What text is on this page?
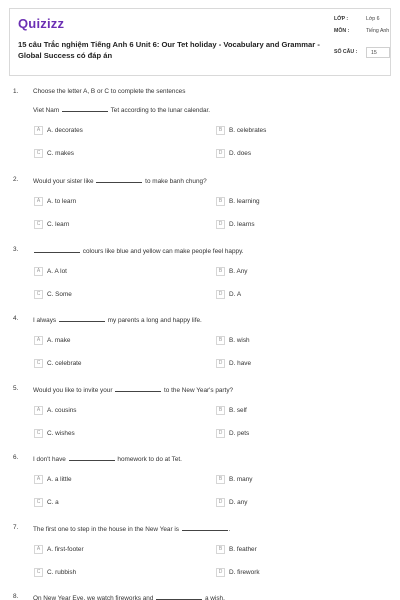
Quizizz
15 câu Trắc nghiệm Tiếng Anh 6 Unit 6: Our Tet holiday - Vocabulary and Grammar - Global Success có đáp án
LỚP :	Lớp 6
MÔN :	Tiếng Anh
SỐ CÂU :	15
1. Choose the letter A, B or C to complete the sentences
Viet Nam	Tet according to the lunar calendar.
A A. decorates	B B. celebrates
C C. makes	D D. does
2. Would your sister like	to make banh chung?
A A. to learn	B B. learning
C C. learn	D D. learns
3.	colours like blue and yellow can make people feel happy.
A A. A lot	B B. Any
C C. Some	D D. A
4. I always	my parents a long and happy life.
A A. make	B B. wish
C C. celebrate	D D. have
5. Would you like to invite your	to the New Year's party?
A A. cousins	B B. self
C C. wishes	D D. pets
6. I don't have	homework to do at Tet.
A A. a little	B B. many
C C. a	D D. any
7. The first one to step in the house in the New Year is	.
A A. first-footer	B B. feather
C C. rubbish	D D. firework
8. On New Year Eve, we watch fireworks and	a wish.
